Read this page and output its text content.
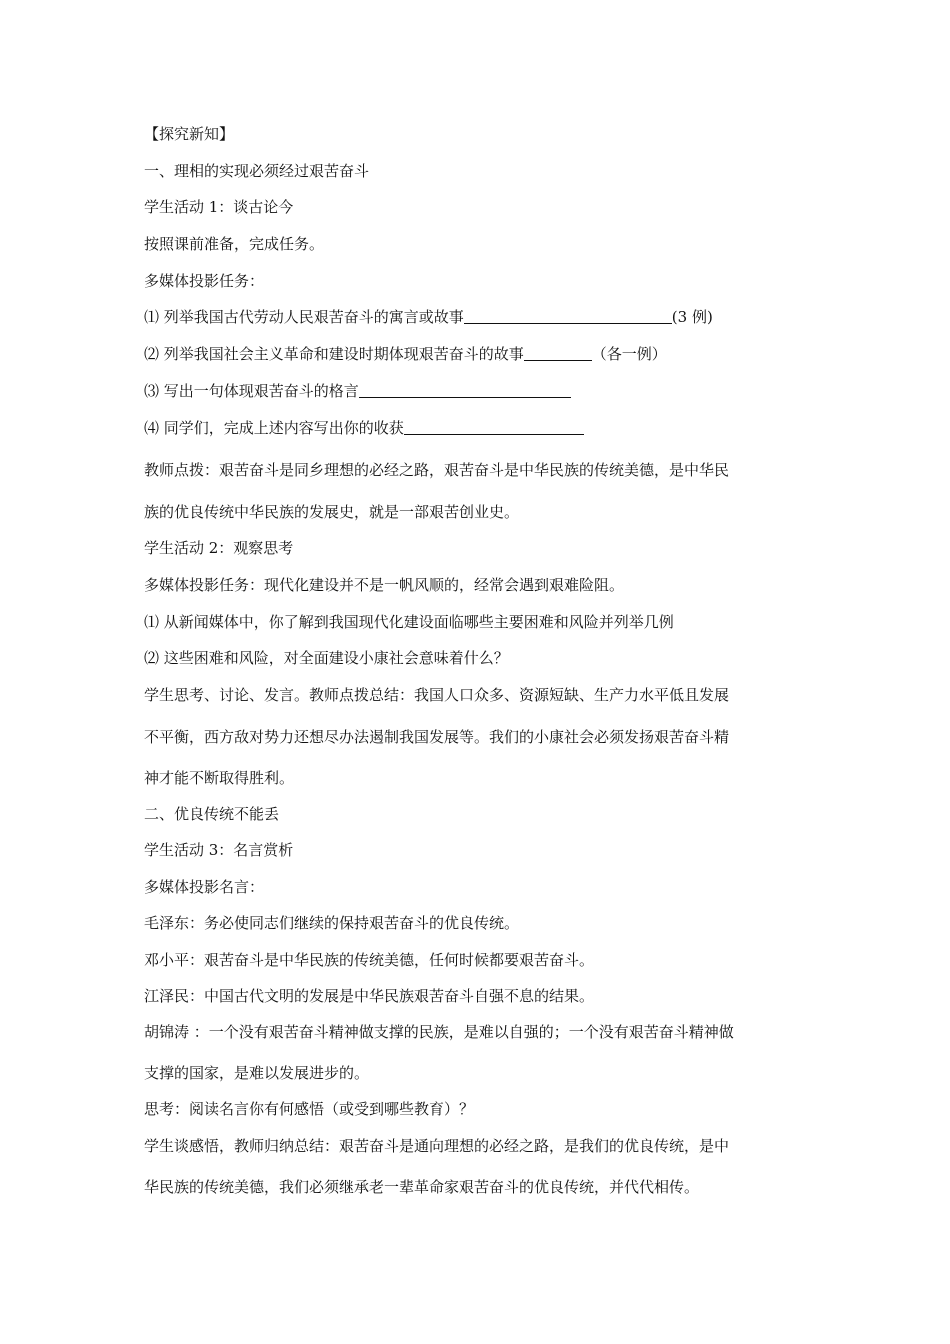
【探究新知】
一、理相的实现必须经过艰苦奋斗
学生活动 1：谈古论今
按照课前准备，完成任务。
多媒体投影任务：
⑴ 列举我国古代劳动人民艰苦奋斗的寓言或故事	(3 例)
⑵ 列举我国社会主义革命和建设时期体现艰苦奋斗的故事	（各一例）
⑶ 写出一句体现艰苦奋斗的格言
⑷ 同学们，完成上述内容写出你的收获
教师点拨：艰苦奋斗是同乡理想的必经之路，艰苦奋斗是中华民族的传统美德，是中华民
族的优良传统中华民族的发展史，就是一部艰苦创业史。
学生活动 2：观察思考
多媒体投影任务：现代化建设并不是一帆风顺的，经常会遇到艰难险阻。
⑴ 从新闻媒体中，你了解到我国现代化建设面临哪些主要困难和风险并列举几例
⑵ 这些困难和风险，对全面建设小康社会意味着什么？
学生思考、讨论、发言。教师点拨总结：我国人口众多、资源短缺、生产力水平低且发展
不平衡，西方敌对势力还想尽办法遏制我国发展等。我们的小康社会必须发扬艰苦奋斗精
神才能不断取得胜利。
二、优良传统不能丢
学生活动 3：名言赏析
多媒体投影名言：
毛泽东：务必使同志们继续的保持艰苦奋斗的优良传统。
邓小平：艰苦奋斗是中华民族的传统美德，任何时候都要艰苦奋斗。
江泽民：中国古代文明的发展是中华民族艰苦奋斗自强不息的结果。
胡锦涛 ：一个没有艰苦奋斗精神做支撑的民族，是难以自强的；一个没有艰苦奋斗精神做
支撑的国家，是难以发展进步的。
思考：阅读名言你有何感悟（或受到哪些教育）？
学生谈感悟，教师归纳总结：艰苦奋斗是通向理想的必经之路，是我们的优良传统，是中
华民族的传统美德，我们必须继承老一辈革命家艰苦奋斗的优良传统，并代代相传。
